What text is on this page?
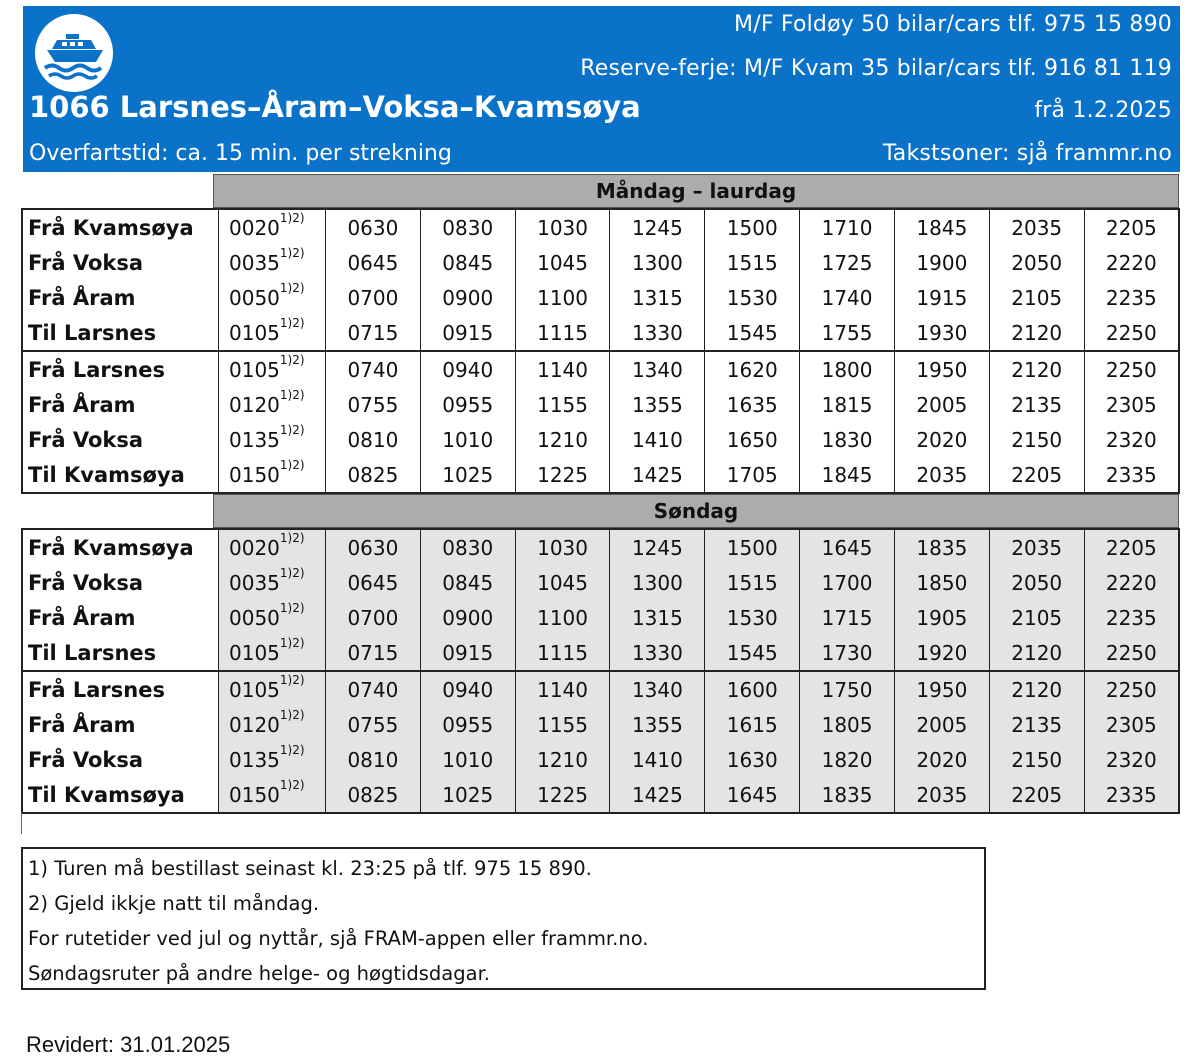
M/F Foldøy 50 bilar/cars tlf. 975 15 890
Reserve-ferje: M/F Kvam 35 bilar/cars tlf. 916 81 119
1066 Larsnes–Åram–Voksa–Kvamsøya	frå 1.2.2025
Overfartstid: ca. 15 min. per strekning	Takstsoner: sjå frammr.no
Måndag – laurdag
Frå Kvamsøya	$0020^{1)2)}$	0630	0830	1030	1245	1500	1710	1845	2035	2205
Frå Voksa	$0035^{1)2)}$	0645	0845	1045	1300	1515	1725	1900	2050	2220
Frå Åram	$0050^{1)2)}$	0700	0900	1100	1315	1530	1740	1915	2105	2235
Til Larsnes	$0105^{1)2)}$	0715	0915	1115	1330	1545	1755	1930	2120	2250
Frå Larsnes	$0105^{1)2)}$	0740	0940	1140	1340	1620	1800	1950	2120	2250
Frå Åram	$0120^{1)2)}$	0755	0955	1155	1355	1635	1815	2005	2135	2305
Frå Voksa	$0135^{1)2)}$	0810	1010	1210	1410	1650	1830	2020	2150	2320
Til Kvamsøya	$0150^{1)2)}$	0825	1025	1225	1425	1705	1845	2035	2205	2335
Søndag
Frå Kvamsøya	$0020^{1)2)}$	0630	0830	1030	1245	1500	1645	1835	2035	2205
Frå Voksa	$0035^{1)2)}$	0645	0845	1045	1300	1515	1700	1850	2050	2220
Frå Åram	$0050^{1)2)}$	0700	0900	1100	1315	1530	1715	1905	2105	2235
Til Larsnes	$0105^{1)2)}$	0715	0915	1115	1330	1545	1730	1920	2120	2250
Frå Larsnes	$0105^{1)2)}$	0740	0940	1140	1340	1600	1750	1950	2120	2250
Frå Åram	$0120^{1)2)}$	0755	0955	1155	1355	1615	1805	2005	2135	2305
Frå Voksa	$0135^{1)2)}$	0810	1010	1210	1410	1630	1820	2020	2150	2320
Til Kvamsøya	$0150^{1)2)}$	0825	1025	1225	1425	1645	1835	2035	2205	2335
1) Turen må bestillast seinast kl. 23:25 på tlf. 975 15 890.
2) Gjeld ikkje natt til måndag.
For rutetider ved jul og nyttår, sjå FRAM-appen eller frammr.no.
Søndagsruter på andre helge- og høgtidsdagar.
Revidert: 31.01.2025
